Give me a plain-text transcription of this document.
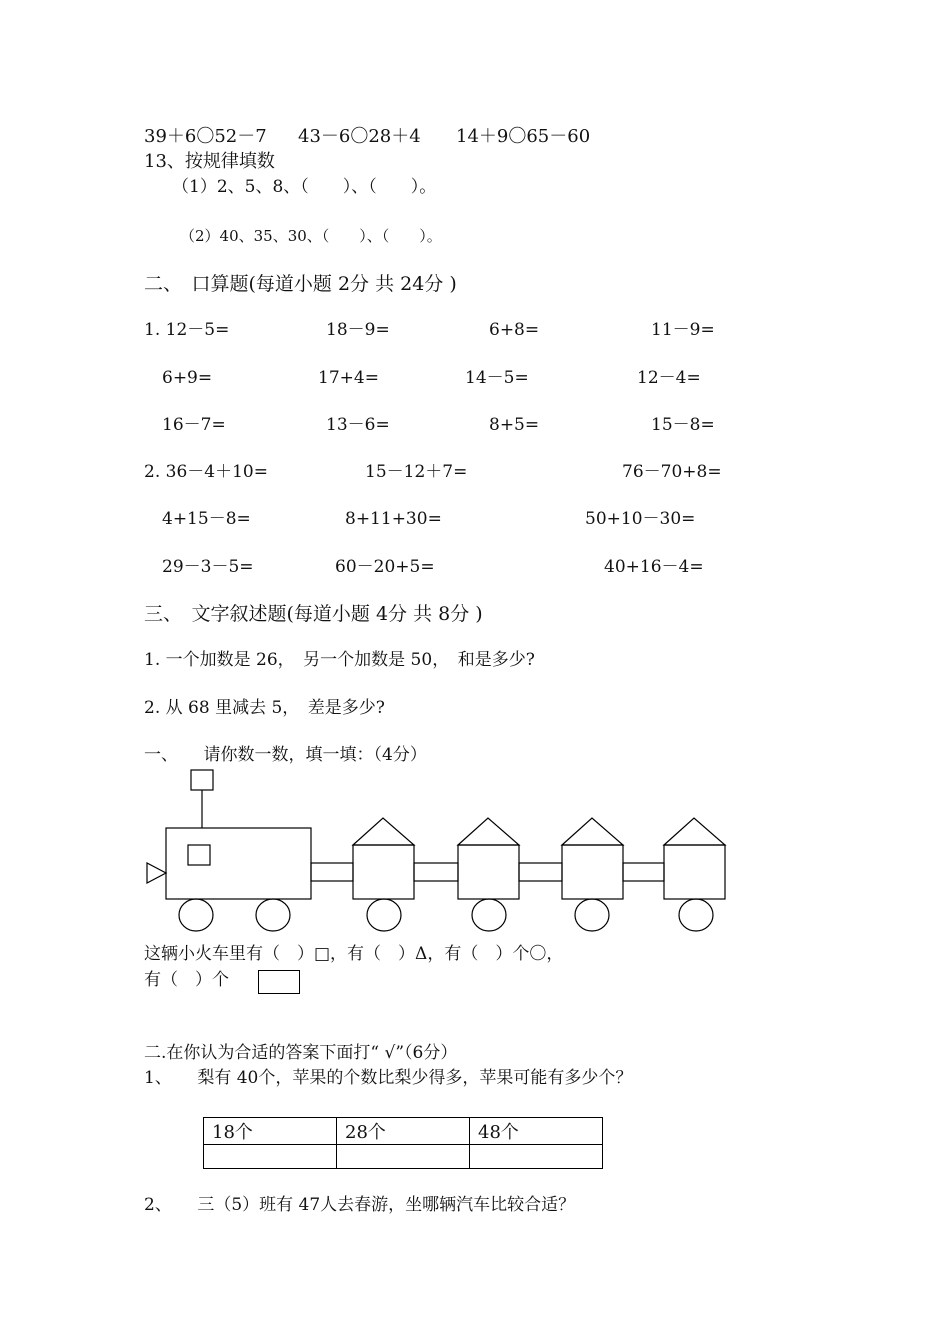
39＋6〇52－7 43－6〇28＋4 14＋9〇65－60
13、按规律填数
（1）2、5、8、（　　）、（　　）。
（2）40、35、30、（　　）、（　　）。
二、　口算题(每道小题 2分 共 24分 )
1. 12－5=	18－9=	6+8=	11－9=
6+9=	17+4=	14－5=	12－4=
16－7=	13－6=	8+5=	15－8=
2. 36－4＋10=	15－12＋7=	76－70+8=
4+15－8=	8+11+30=	50+10－30=
29－3－5=	60－20+5=	40+16－4=
三、　文字叙述题(每道小题 4分 共 8分 )
1. 一个加数是 26，　另一个加数是 50，　和是多少?
2. 从 68 里减去 5，　差是多少?
一、　　请你数一数，填一填：（4分）
这辆小火车里有（　）□，有（　）Δ，有（　）个〇，
有（　）个
二.在你认为合适的答案下面打“ √”（6分）
1、　　梨有 40个，苹果的个数比梨少得多，苹果可能有多少个？
18个	28个	48个

2、　　三（5）班有 47人去春游，坐哪辆汽车比较合适？
